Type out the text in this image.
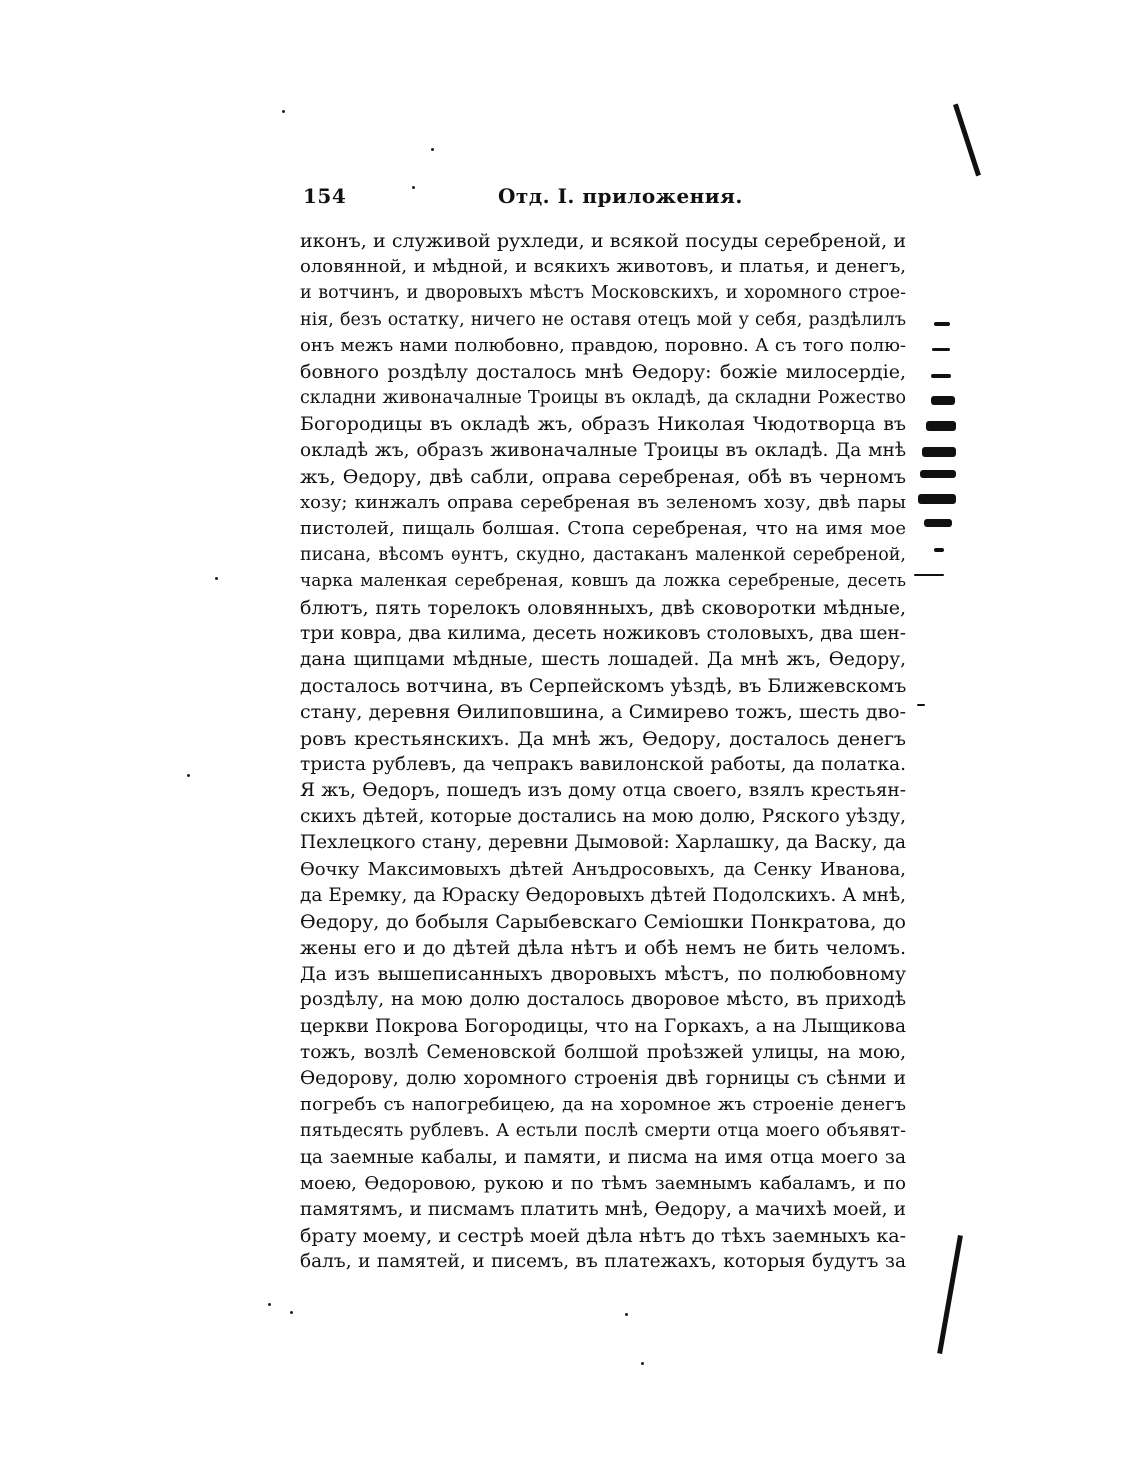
154	Отд. I. приложения.
иконъ, и служивой рухледи, и всякой посуды серебреной, и
оловянной, и мѣдной, и всякихъ животовъ, и платья, и денегъ,
и вотчинъ, и дворовыхъ мѣстъ Московскихъ, и хоромного строе-
нія, безъ остатку, ничего не оставя отецъ мой у себя, раздѣлилъ
онъ межъ нами полюбовно, правдою, поровно. А съ того полю-
бовного роздѣлу досталось мнѣ Ѳедору: божіе милосердіе,
складни живоначалные Троицы въ окладѣ, да складни Рожество
Богородицы въ окладѣ жъ, образъ Николая Чюдотворца въ
окладѣ жъ, образъ живоначалные Троицы въ окладѣ. Да мнѣ
жъ, Ѳедору, двѣ сабли, оправа серебреная, обѣ въ черномъ
хозу; кинжалъ оправа серебреная въ зеленомъ хозу, двѣ пары
пистолей, пищаль болшая. Стопа серебреная, что на имя мое
писана, вѣсомъ ѳунтъ, скудно, дастаканъ маленкой серебреной,
чарка маленкая серебреная, ковшъ да ложка серебреные, десеть
блютъ, пять торелокъ оловянныхъ, двѣ сковоротки мѣдные,
три ковра, два килима, десеть ножиковъ столовыхъ, два шен-
дана щипцами мѣдные, шесть лошадей. Да мнѣ жъ, Ѳедору,
досталось вотчина, въ Серпейскомъ уѣздѣ, въ Ближевскомъ
стану, деревня Ѳилиповшина, а Симирево тожъ, шесть дво-
ровъ крестьянскихъ. Да мнѣ жъ, Ѳедору, досталось денегъ
триста рублевъ, да чепракъ вавилонской работы, да полатка.
Я жъ, Ѳедоръ, пошедъ изъ дому отца своего, взялъ крестьян-
скихъ дѣтей, которые достались на мою долю, Ряского уѣзду,
Пехлецкого стану, деревни Дымовой: Харлашку, да Васку, да
Ѳочку Максимовыхъ дѣтей Анъдросовыхъ, да Сенку Иванова,
да Еремку, да Юраску Ѳедоровыхъ дѣтей Подолскихъ. А мнѣ,
Ѳедору, до бобыля Сарыбевскаго Семіошки Понкратова, до
жены его и до дѣтей дѣла нѣтъ и обѣ немъ не бить челомъ.
Да изъ вышеписанныхъ дворовыхъ мѣстъ, по полюбовному
роздѣлу, на мою долю досталось дворовое мѣсто, въ приходѣ
церкви Покрова Богородицы, что на Горкахъ, а на Лыщикова
тожъ, возлѣ Семеновской болшой проѣзжей улицы, на мою,
Ѳедорову, долю хоромного строенія двѣ горницы съ сѣнми и
погребъ съ напогребицею, да на хоромное жъ строеніе денегъ
пятьдесять рублевъ. А естьли послѣ смерти отца моего объявят-
ца заемные кабалы, и памяти, и писма на имя отца моего за
моею, Ѳедоровою, рукою и по тѣмъ заемнымъ кабаламъ, и по
памятямъ, и писмамъ платить мнѣ, Ѳедору, а мачихѣ моей, и
брату моему, и сестрѣ моей дѣла нѣтъ до тѣхъ заемныхъ ка-
балъ, и памятей, и писемъ, въ платежахъ, которыя будутъ за
